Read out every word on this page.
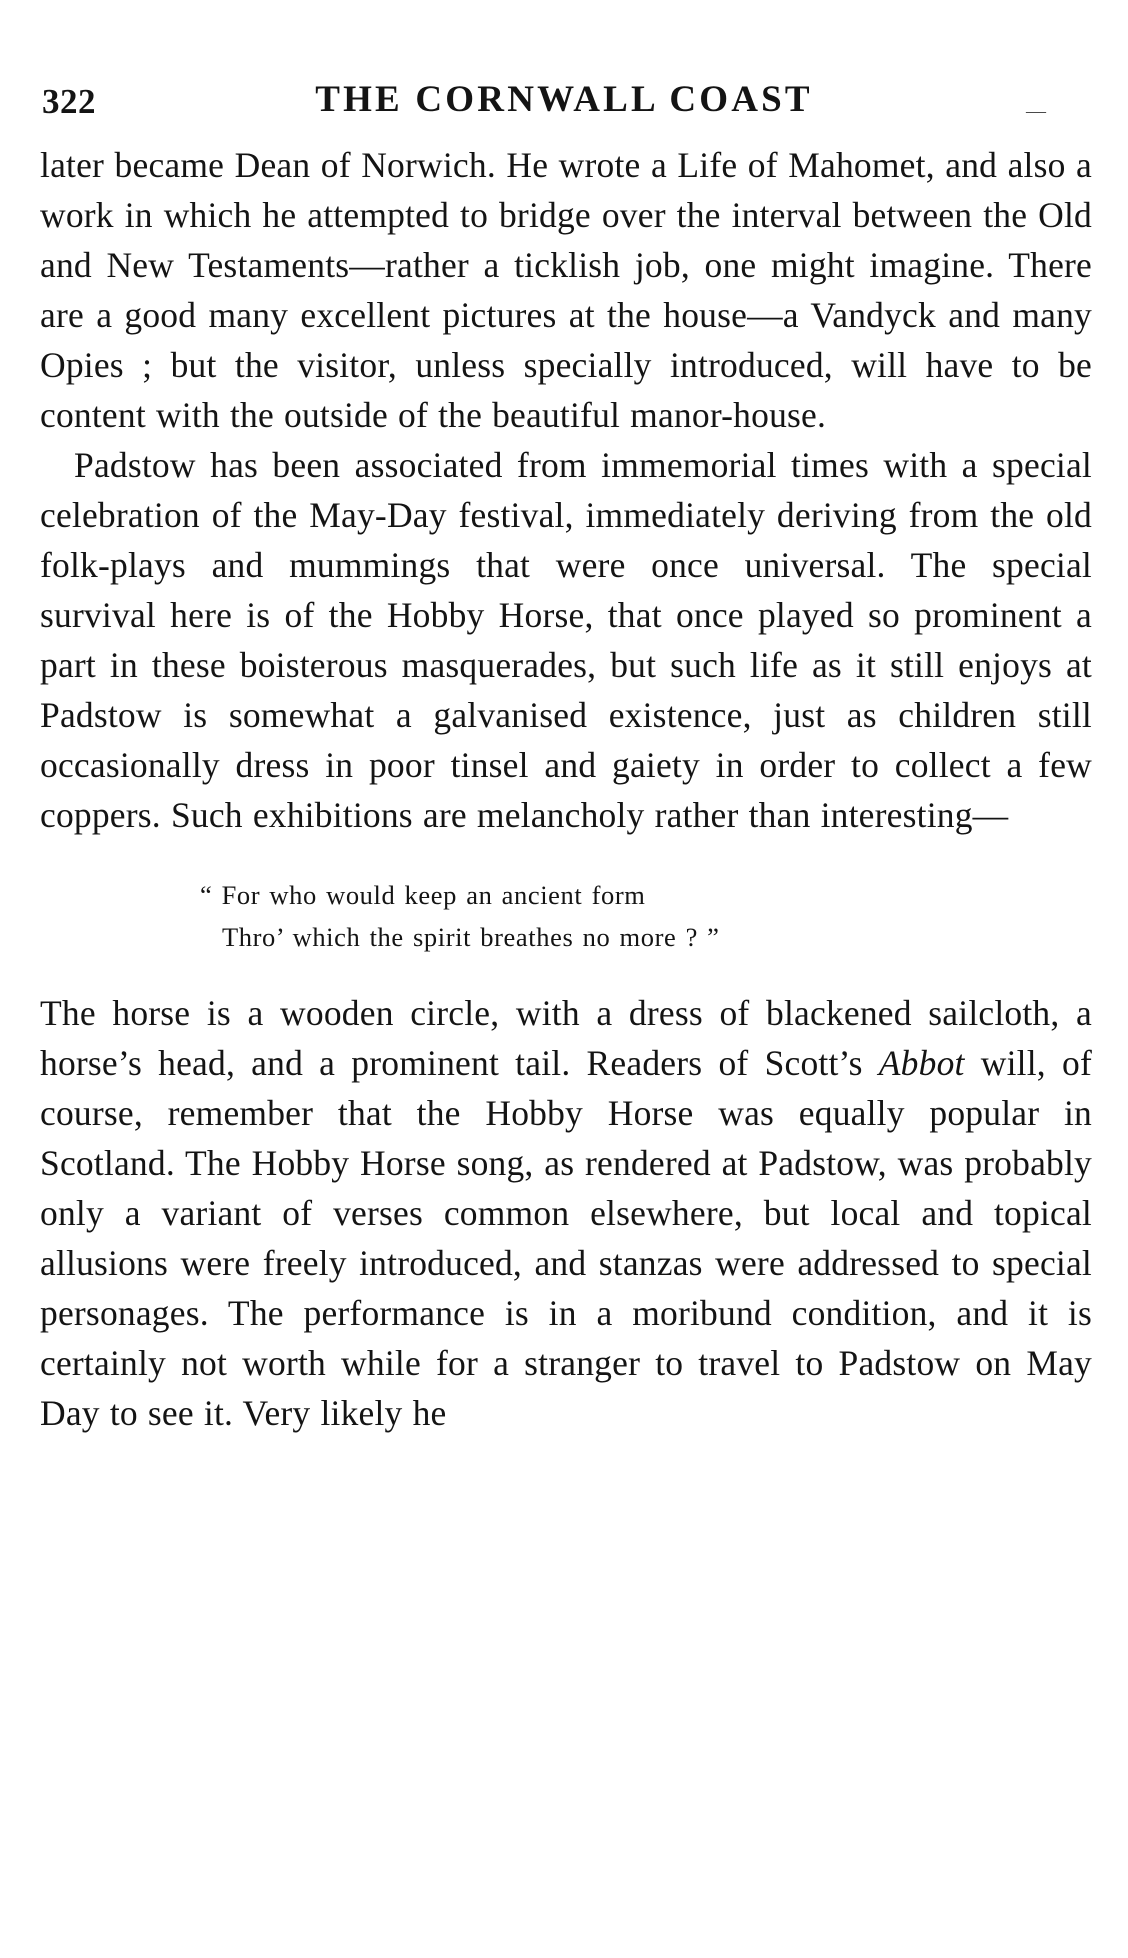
322	THE CORNWALL COAST	––

later became Dean of Norwich. He wrote a Life of Mahomet, and also a work in which he attempted to bridge over the interval between the Old and New Testaments—rather a ticklish job, one might imagine. There are a good many excellent pictures at the house—a Vandyck and many Opies ; but the visitor, unless specially introduced, will have to be content with the outside of the beautiful manor-house.

Padstow has been associated from immemorial times with a special celebration of the May-Day festival, immediately deriving from the old folk-plays and mummings that were once universal. The special survival here is of the Hobby Horse, that once played so prominent a part in these boisterous masquerades, but such life as it still enjoys at Padstow is somewhat a galvanised existence, just as children still occasionally dress in poor tinsel and gaiety in order to collect a few coppers. Such exhibitions are melancholy rather than interesting—

“ For who would keep an ancient form
Thro’ which the spirit breathes no more ? ”

The horse is a wooden circle, with a dress of blackened sailcloth, a horse’s head, and a prominent tail. Readers of Scott’s Abbot will, of course, remember that the Hobby Horse was equally popular in Scotland. The Hobby Horse song, as rendered at Padstow, was probably only a variant of verses common elsewhere, but local and topical allusions were freely introduced, and stanzas were addressed to special personages. The performance is in a moribund condition, and it is certainly not worth while for a stranger to travel to Padstow on May Day to see it. Very likely he
